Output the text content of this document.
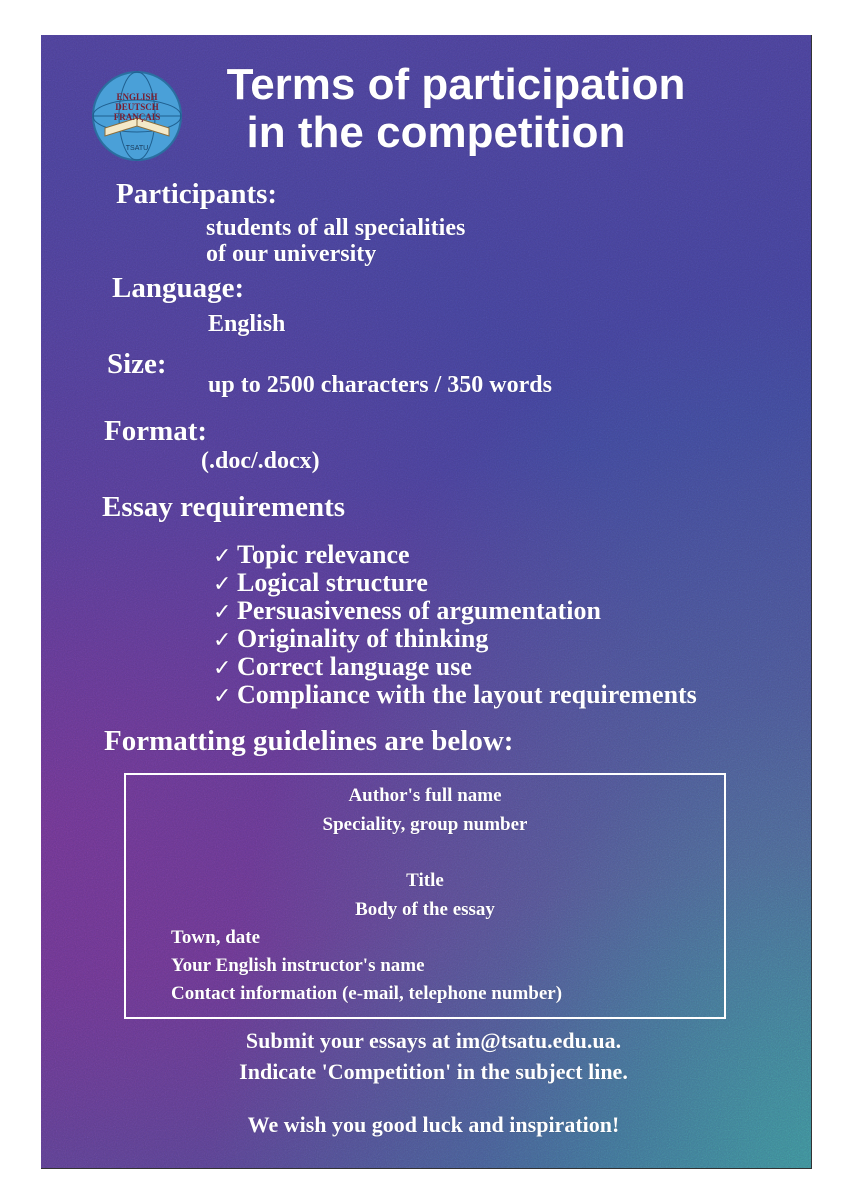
ENGLISH
DEUTSCH
FRANÇAIS
TSATU
Terms of participation
in the competition
Participants:
students of all specialities
of our university
Language:
English
Size:
up to 2500 characters / 350 words
Format:
(.doc/.docx)
Essay requirements
✓ Topic relevance
✓ Logical structure
✓ Persuasiveness of argumentation
✓ Originality of thinking
✓ Correct language use
✓ Compliance with the layout requirements
Formatting guidelines are below:
Author's full name
Speciality, group number
Title
Body of the essay
Town, date
Your English instructor's name
Contact information (e-mail, telephone number)
Submit your essays at im@tsatu.edu.ua.
Indicate 'Competition' in the subject line.
We wish you good luck and inspiration!
